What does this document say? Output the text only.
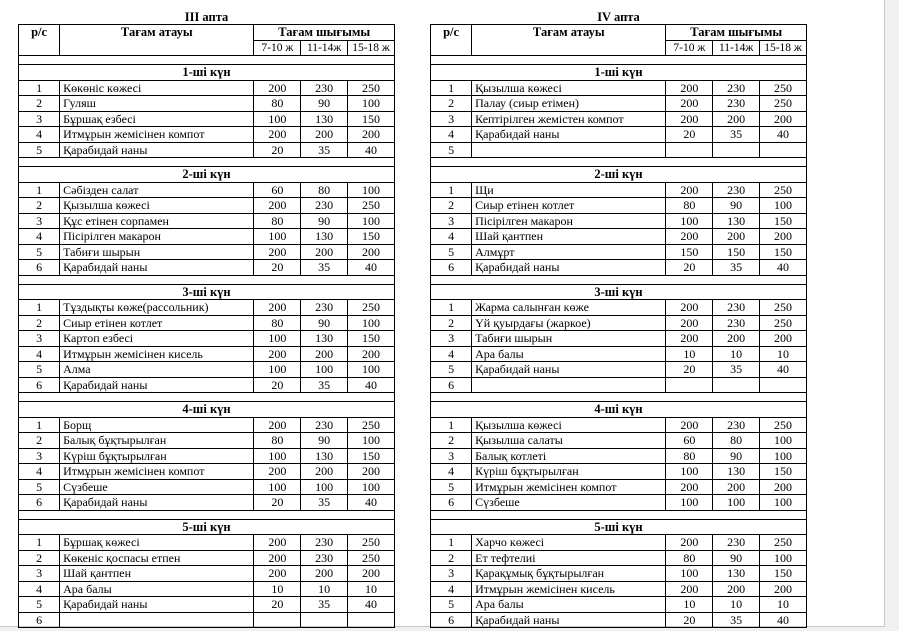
ІІІ апта
р/с	Тағам атауы	Тағам шығымы		
		7-10 ж	11-14ж	15-18 ж

1-ші күн				
1	Көкөніс көжесі	200	230	250
2	Гуляш	80	90	100
3	Бұршақ езбесі	100	130	150
4	Итмұрын жемісінен компот	200	200	200
5	Қарабидай наны	20	35	40

2-ші күн				
1	Сәбізден салат	60	80	100
2	Қызылша көжесі	200	230	250
3	Құс етінен сорпамен	80	90	100
4	Пісірілген макарон	100	130	150
5	Табиғи шырын	200	200	200
6	Қарабидай наны	20	35	40

3-ші күн				
1	Тұздықты көже(рассольник)	200	230	250
2	Сиыр етінен котлет	80	90	100
3	Картоп езбесі	100	130	150
4	Итмұрын жемісінен кисель	200	200	200
5	Алма	100	100	100
6	Қарабидай наны	20	35	40

4-ші күн				
1	Борщ	200	230	250
2	Балық бұқтырылған	80	90	100
3	Күріш бұқтырылған	100	130	150
4	Итмұрын жемісінен компот	200	200	200
5	Сүзбеше	100	100	100
6	Қарабидай наны	20	35	40

5-ші күн				
1	Бұршақ көжесі	200	230	250
2	Көкеніс қоспасы етпен	200	230	250
3	Шай қантпен	200	200	200
4	Ара балы	10	10	10
5	Қарабидай наны	20	35	40
6				
ІV апта
р/с	Тағам атауы	Тағам шығымы		
		7-10 ж	11-14ж	15-18 ж

1-ші күн				
1	Қызылша көжесі	200	230	250
2	Палау (сиыр етімен)	200	230	250
3	Кептірілген жемістен компот	200	200	200
4	Қарабидай наны	20	35	40
5				

2-ші күн				
1	Щи	200	230	250
2	Сиыр етінен котлет	80	90	100
3	Пісірілген макарон	100	130	150
4	Шай қантпен	200	200	200
5	Алмұрт	150	150	150
6	Қарабидай наны	20	35	40

3-ші күн				
1	Жарма салынған көже	200	230	250
2	Үй қуырдағы (жаркое)	200	230	250
3	Табиғи шырын	200	200	200
4	Ара балы	10	10	10
5	Қарабидай наны	20	35	40
6				

4-ші күн				
1	Қызылша көжесі	200	230	250
2	Қызылша салаты	60	80	100
3	Балық котлеті	80	90	100
4	Күріш бұқтырылған	100	130	150
5	Итмұрын жемісінен компот	200	200	200
6	Сүзбеше	100	100	100

5-ші күн				
1	Харчо көжесі	200	230	250
2	Ет тефтелиі	80	90	100
3	Қарақұмық бұқтырылған	100	130	150
4	Итмұрын жемісінен кисель	200	200	200
5	Ара балы	10	10	10
6	Қарабидай наны	20	35	40
